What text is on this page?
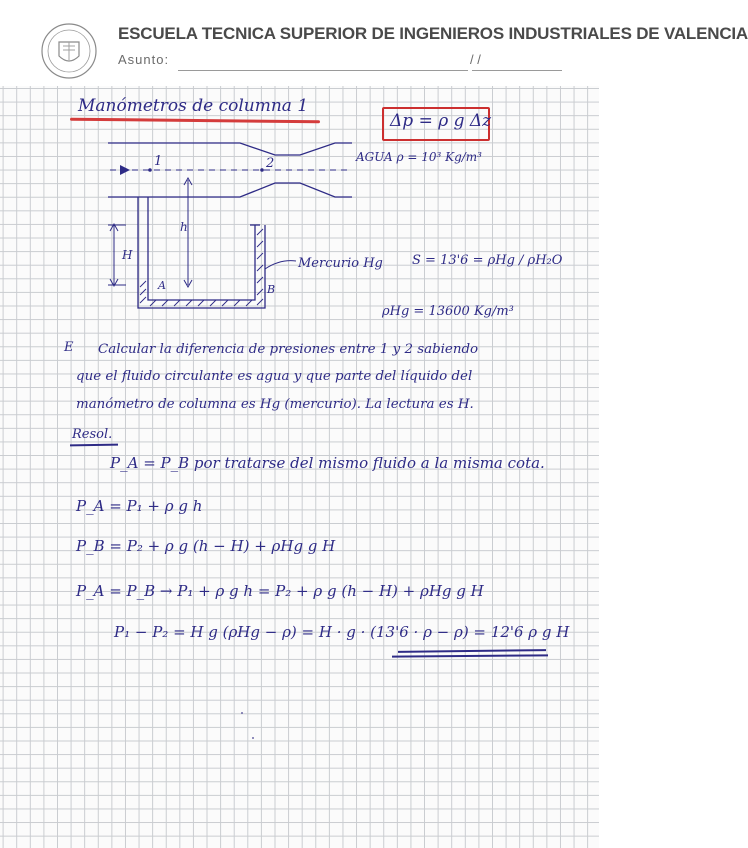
ESCUELA TECNICA SUPERIOR DE INGENIEROS INDUSTRIALES DE VALENCIA
Asunto:	/ /
Manómetros de columna 1
Δp = ρ g Δz
AGUA ρ = 10³ Kg/m³
1	2
H
h
A	B
Mercurio Hg S = 13'6 = ρHg / ρH₂O
ρHg = 13600 Kg/m³
E Calcular la diferencia de presiones entre 1 y 2 sabiendo
que el fluido circulante es agua y que parte del líquido del
manómetro de columna es Hg (mercurio). La lectura es H.
Resol.
P_A = P_B por tratarse del mismo fluido a la misma cota.
P_A = P₁ + ρ g h
P_B = P₂ + ρ g (h − H) + ρHg g H
P_A = P_B → P₁ + ρ g h = P₂ + ρ g (h − H) + ρHg g H
P₁ − P₂ = H g (ρHg − ρ) = H · g · (13'6 · ρ − ρ) = 12'6 ρ g H
